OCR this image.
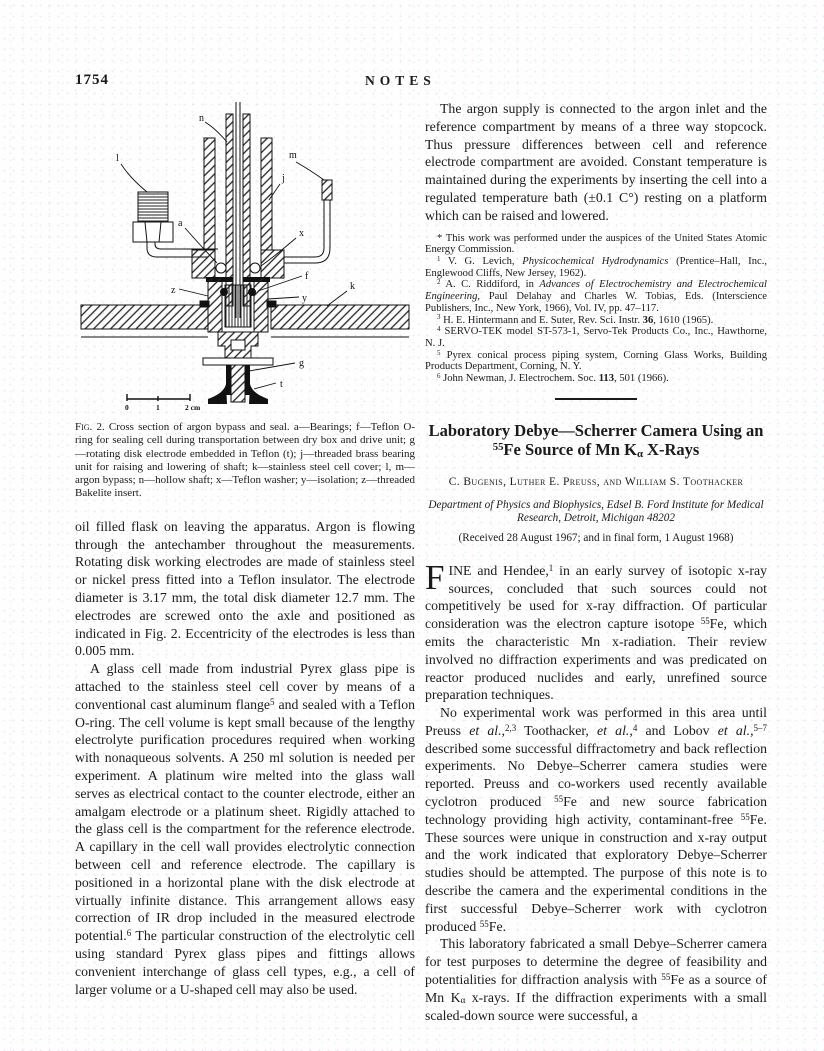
1754	NOTES
n
l	m
j
a
x
f
k
z
y
g
t
0	1	2 cm
Fig. 2. Cross section of argon bypass and seal. a—Bearings; f—Teflon O-ring for sealing cell during transportation between dry box and drive unit; g—rotating disk electrode embedded in Teflon (t); j—threaded brass bearing unit for raising and lowering of shaft; k—stainless steel cell cover; l, m—argon bypass; n—hollow shaft; x—Teflon washer; y—isolation; z—threaded Bakelite insert.

oil filled flask on leaving the apparatus. Argon is flowing through the antechamber throughout the measurements. Rotating disk working electrodes are made of stainless steel or nickel press fitted into a Teflon insulator. The electrode diameter is 3.17 mm, the total disk diameter 12.7 mm. The electrodes are screwed onto the axle and positioned as indicated in Fig. 2. Eccentricity of the electrodes is less than 0.005 mm.

A glass cell made from industrial Pyrex glass pipe is attached to the stainless steel cell cover by means of a conventional cast aluminum flange$^5$ and sealed with a Teflon O-ring. The cell volume is kept small because of the lengthy electrolyte purification procedures required when working with nonaqueous solvents. A 250 ml solution is needed per experiment. A platinum wire melted into the glass wall serves as electrical contact to the counter electrode, either an amalgam electrode or a platinum sheet. Rigidly attached to the glass cell is the compartment for the reference electrode. A capillary in the cell wall provides electrolytic connection between cell and reference electrode. The capillary is positioned in a horizontal plane with the disk electrode at virtually infinite distance. This arrangement allows easy correction of IR drop included in the measured electrode potential.$^6$ The particular construction of the electrolytic cell using standard Pyrex glass pipes and fittings allows convenient interchange of glass cell types, e.g., a cell of larger volume or a U-shaped cell may also be used.

The argon supply is connected to the argon inlet and the reference compartment by means of a three way stopcock. Thus pressure differences between cell and reference electrode compartment are avoided. Constant temperature is maintained during the experiments by inserting the cell into a regulated temperature bath (±0.1 C°) resting on a platform which can be raised and lowered.

* This work was performed under the auspices of the United States Atomic Energy Commission.

$^1$ V. G. Levich, Physicochemical Hydrodynamics (Prentice–Hall, Inc., Englewood Cliffs, New Jersey, 1962).

$^2$ A. C. Riddiford, in Advances of Electrochemistry and Electrochemical Engineering, Paul Delahay and Charles W. Tobias, Eds. (Interscience Publishers, Inc., New York, 1966), Vol. IV, pp. 47–117.

$^3$ H. E. Hintermann and E. Suter, Rev. Sci. Instr. 36, 1610 (1965).

$^4$ SERVO-TEK model ST-573-1, Servo-Tek Products Co., Inc., Hawthorne, N. J.

$^5$ Pyrex conical process piping system, Corning Glass Works, Building Products Department, Corning, N. Y.

$^6$ John Newman, J. Electrochem. Soc. 113, 501 (1966).

Laboratory Debye—Scherrer Camera Using an
$^{55}$Fe Source of Mn $K_\alpha$ X-Rays
C. Bugenis, Luther E. Preuss, and William S. Toothacker
Department of Physics and Biophysics, Edsel B. Ford Institute for Medical Research, Detroit, Michigan 48202
(Received 28 August 1967; and in final form, 1 August 1968)

FINE and Hendee,$^1$ in an early survey of isotopic x-ray sources, concluded that such sources could not competitively be used for x-ray diffraction. Of particular consideration was the electron capture isotope $^{55}$Fe, which emits the characteristic Mn x-radiation. Their review involved no diffraction experiments and was predicated on reactor produced nuclides and early, unrefined source preparation techniques.

No experimental work was performed in this area until Preuss et al.,$^{2,3}$ Toothacker, et al.,$^4$ and Lobov et al.,$^{5-7}$ described some successful diffractometry and back reflection experiments. No Debye–Scherrer camera studies were reported. Preuss and co-workers used recently available cyclotron produced $^{55}$Fe and new source fabrication technology providing high activity, contaminant-free $^{55}$Fe. These sources were unique in construction and x-ray output and the work indicated that exploratory Debye–Scherrer studies should be attempted. The purpose of this note is to describe the camera and the experimental conditions in the first successful Debye–Scherrer work with cyclotron produced $^{55}$Fe.

This laboratory fabricated a small Debye–Scherrer camera for test purposes to determine the degree of feasibility and potentialities for diffraction analysis with $^{55}$Fe as a source of Mn $K_\alpha$ x-rays. If the diffraction experiments with a small scaled-down source were successful, a
